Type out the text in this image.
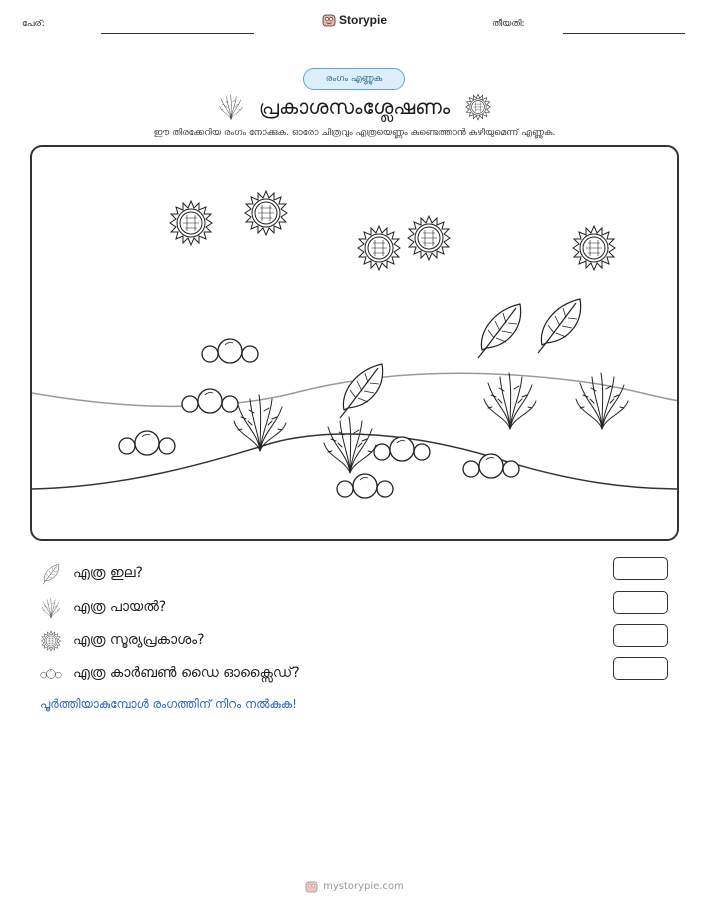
പേര്:	Storypie	തീയതി:
രംഗം എണ്ണുക
പ്രകാശസംശ്ലേഷണം
ഈ തിരക്കേറിയ രംഗം നോക്കുക. ഓരോ ചിത്രവും എത്രയെണ്ണം കണ്ടെത്താൻ കഴിയുമെന്ന് എണ്ണുക.
എത്ര ഇല?
എത്ര പായൽ?
എത്ര സൂര്യപ്രകാശം?
എത്ര കാർബൺ ഡൈ ഓക്സൈഡ്?
പൂർത്തിയാകുമ്പോൾ രംഗത്തിന് നിറം നൽകുക!
mystorypie.com
